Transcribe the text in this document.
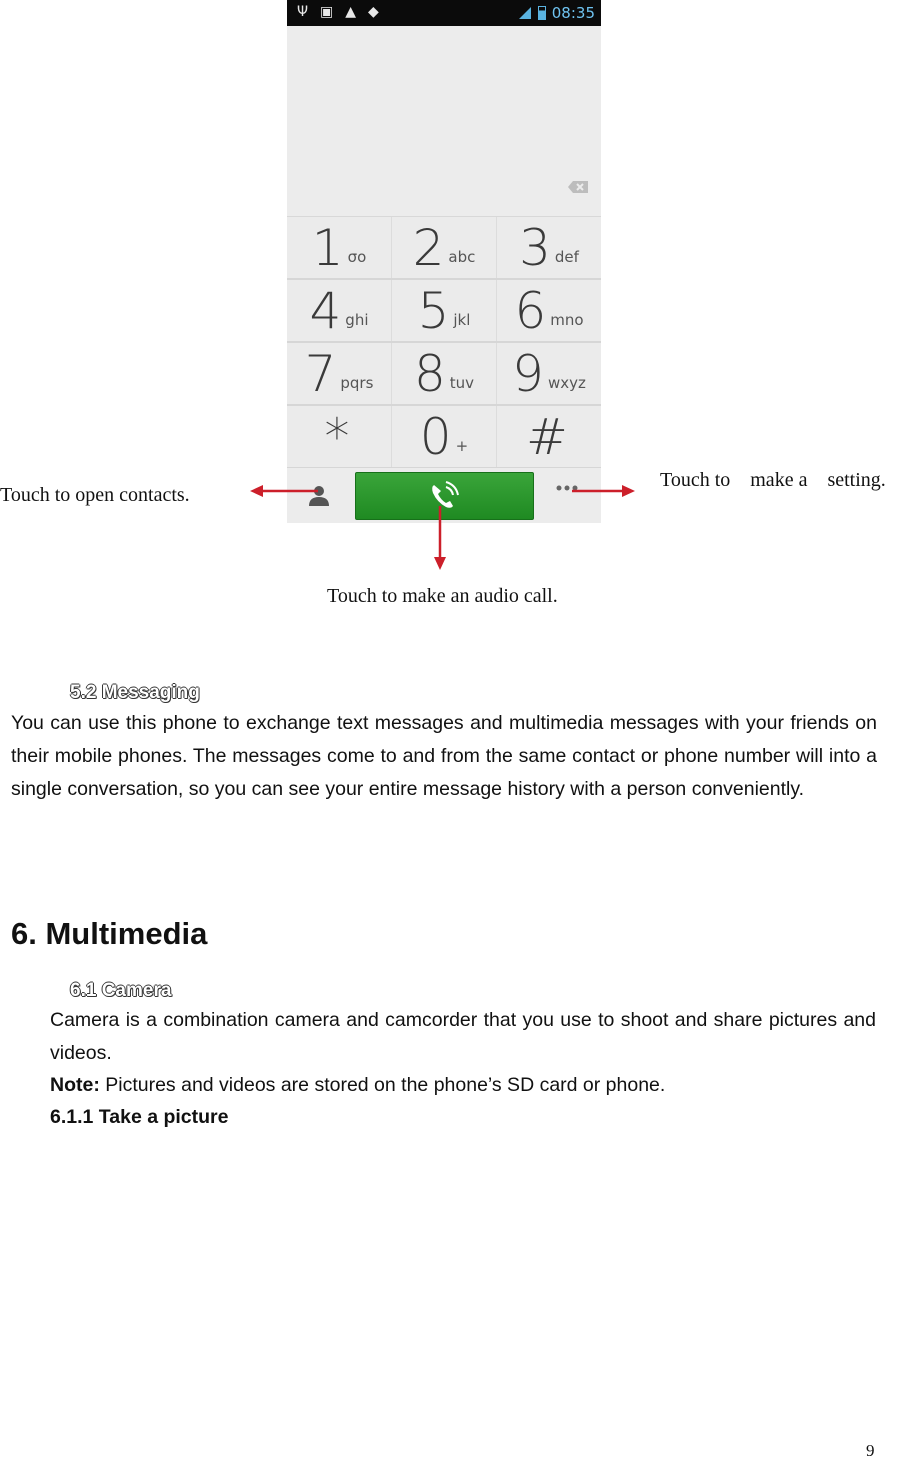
Ψ ▣ ▲ ◆	08:35
1 σο 2 abc 3 def
4 ghi 5 jkl 6 mno
7 pqrs 8 tuv 9 wxyz
* 0 + #
Touch to open contacts.
Touch to    make a    setting.
Touch to make an audio call.
5.2 Messaging
You can use this phone to exchange text messages and multimedia messages with your friends on their mobile phones. The messages come to and from the same contact or phone number will into a single conversation, so you can see your entire message history with a person conveniently.
6. Multimedia
6.1 Camera
Camera is a combination camera and camcorder that you use to shoot and share pictures and videos.
Note: Pictures and videos are stored on the phone’s SD card or phone.
6.1.1 Take a picture
9
